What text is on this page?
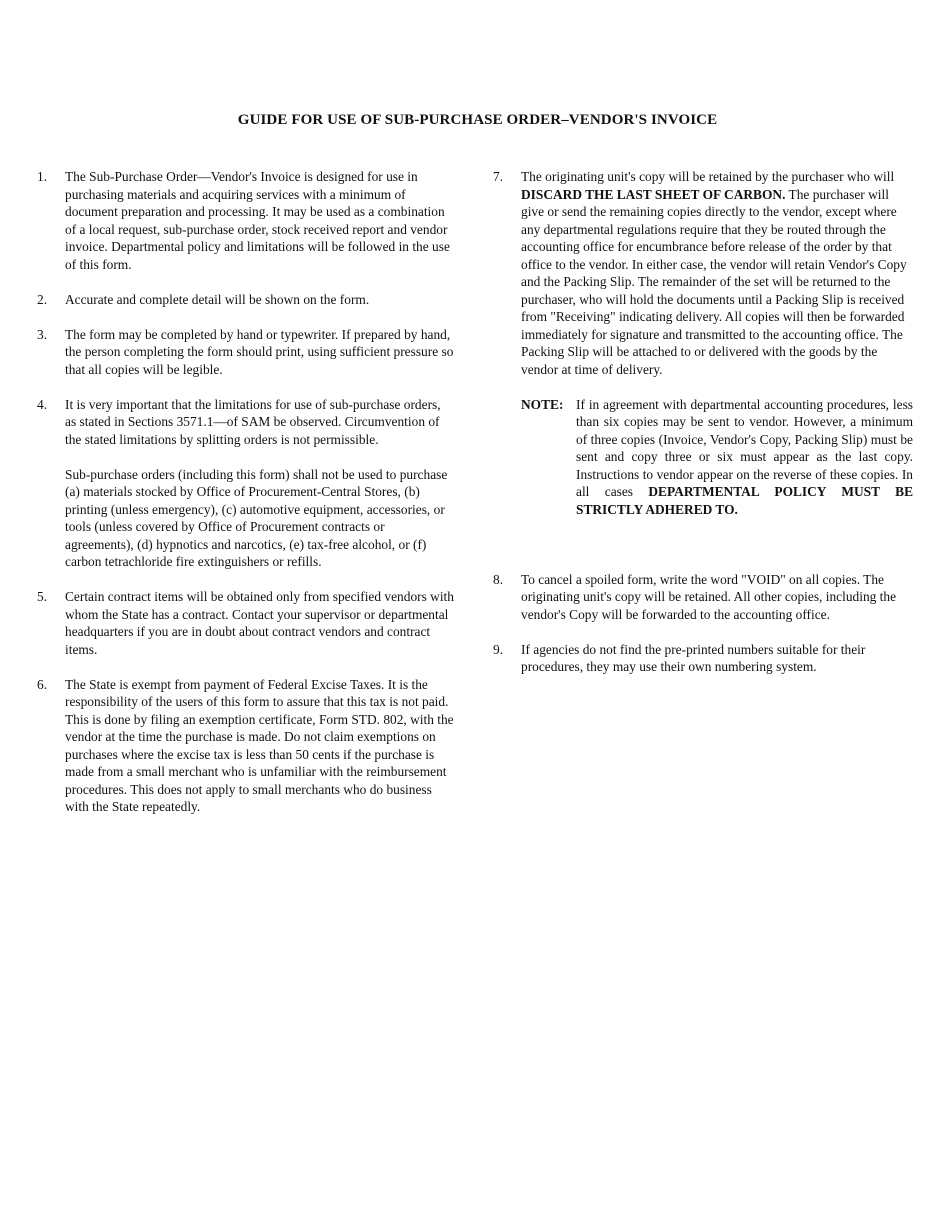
GUIDE FOR USE OF SUB-PURCHASE ORDER–VENDOR'S INVOICE
1. The Sub-Purchase Order—Vendor's Invoice is designed for use in purchasing materials and acquiring services with a minimum of document preparation and processing. It may be used as a combination of a local request, sub-purchase order, stock received report and vendor invoice. Departmental policy and limitations will be followed in the use of this form.

2. Accurate and complete detail will be shown on the form.

3. The form may be completed by hand or typewriter. If prepared by hand, the person completing the form should print, using sufficient pressure so that all copies will be legible.

4. It is very important that the limitations for use of sub-purchase orders, as stated in Sections 3571.1—of SAM be observed. Circumvention of the stated limitations by splitting orders is not permissible.

Sub-purchase orders (including this form) shall not be used to purchase (a) materials stocked by Office of Procurement-Central Stores, (b) printing (unless emergency), (c) automotive equipment, accessories, or tools (unless covered by Office of Procurement contracts or agreements), (d) hypnotics and narcotics, (e) tax-free alcohol, or (f) carbon tetrachloride fire extinguishers or refills.

5. Certain contract items will be obtained only from specified vendors with whom the State has a contract. Contact your supervisor or departmental headquarters if you are in doubt about contract vendors and contract items.

6. The State is exempt from payment of Federal Excise Taxes. It is the responsibility of the users of this form to assure that this tax is not paid. This is done by filing an exemption certificate, Form STD. 802, with the vendor at the time the purchase is made. Do not claim exemptions on purchases where the excise tax is less than 50 cents if the purchase is made from a small merchant who is unfamiliar with the reimbursement procedures. This does not apply to small merchants who do business with the State repeatedly.

7. The originating unit's copy will be retained by the purchaser who will DISCARD THE LAST SHEET OF CARBON. The purchaser will give or send the remaining copies directly to the vendor, except where any departmental regulations require that they be routed through the accounting office for encumbrance before release of the order by that office to the vendor. In either case, the vendor will retain Vendor's Copy and the Packing Slip. The remainder of the set will be returned to the purchaser, who will hold the documents until a Packing Slip is received from "Receiving" indicating delivery. All copies will then be forwarded immediately for signature and transmitted to the accounting office. The Packing Slip will be attached to or delivered with the goods by the vendor at time of delivery.

NOTE: If in agreement with departmental accounting procedures, less than six copies may be sent to vendor. However, a minimum of three copies (Invoice, Vendor's Copy, Packing Slip) must be sent and copy three or six must appear as the last copy. Instructions to vendor appear on the reverse of these copies. In all cases DEPARTMENTAL POLICY MUST BE STRICTLY ADHERED TO.
8. To cancel a spoiled form, write the word "VOID" on all copies. The originating unit's copy will be retained. All other copies, including the vendor's Copy will be forwarded to the accounting office.

9. If agencies do not find the pre-printed numbers suitable for their procedures, they may use their own numbering system.
